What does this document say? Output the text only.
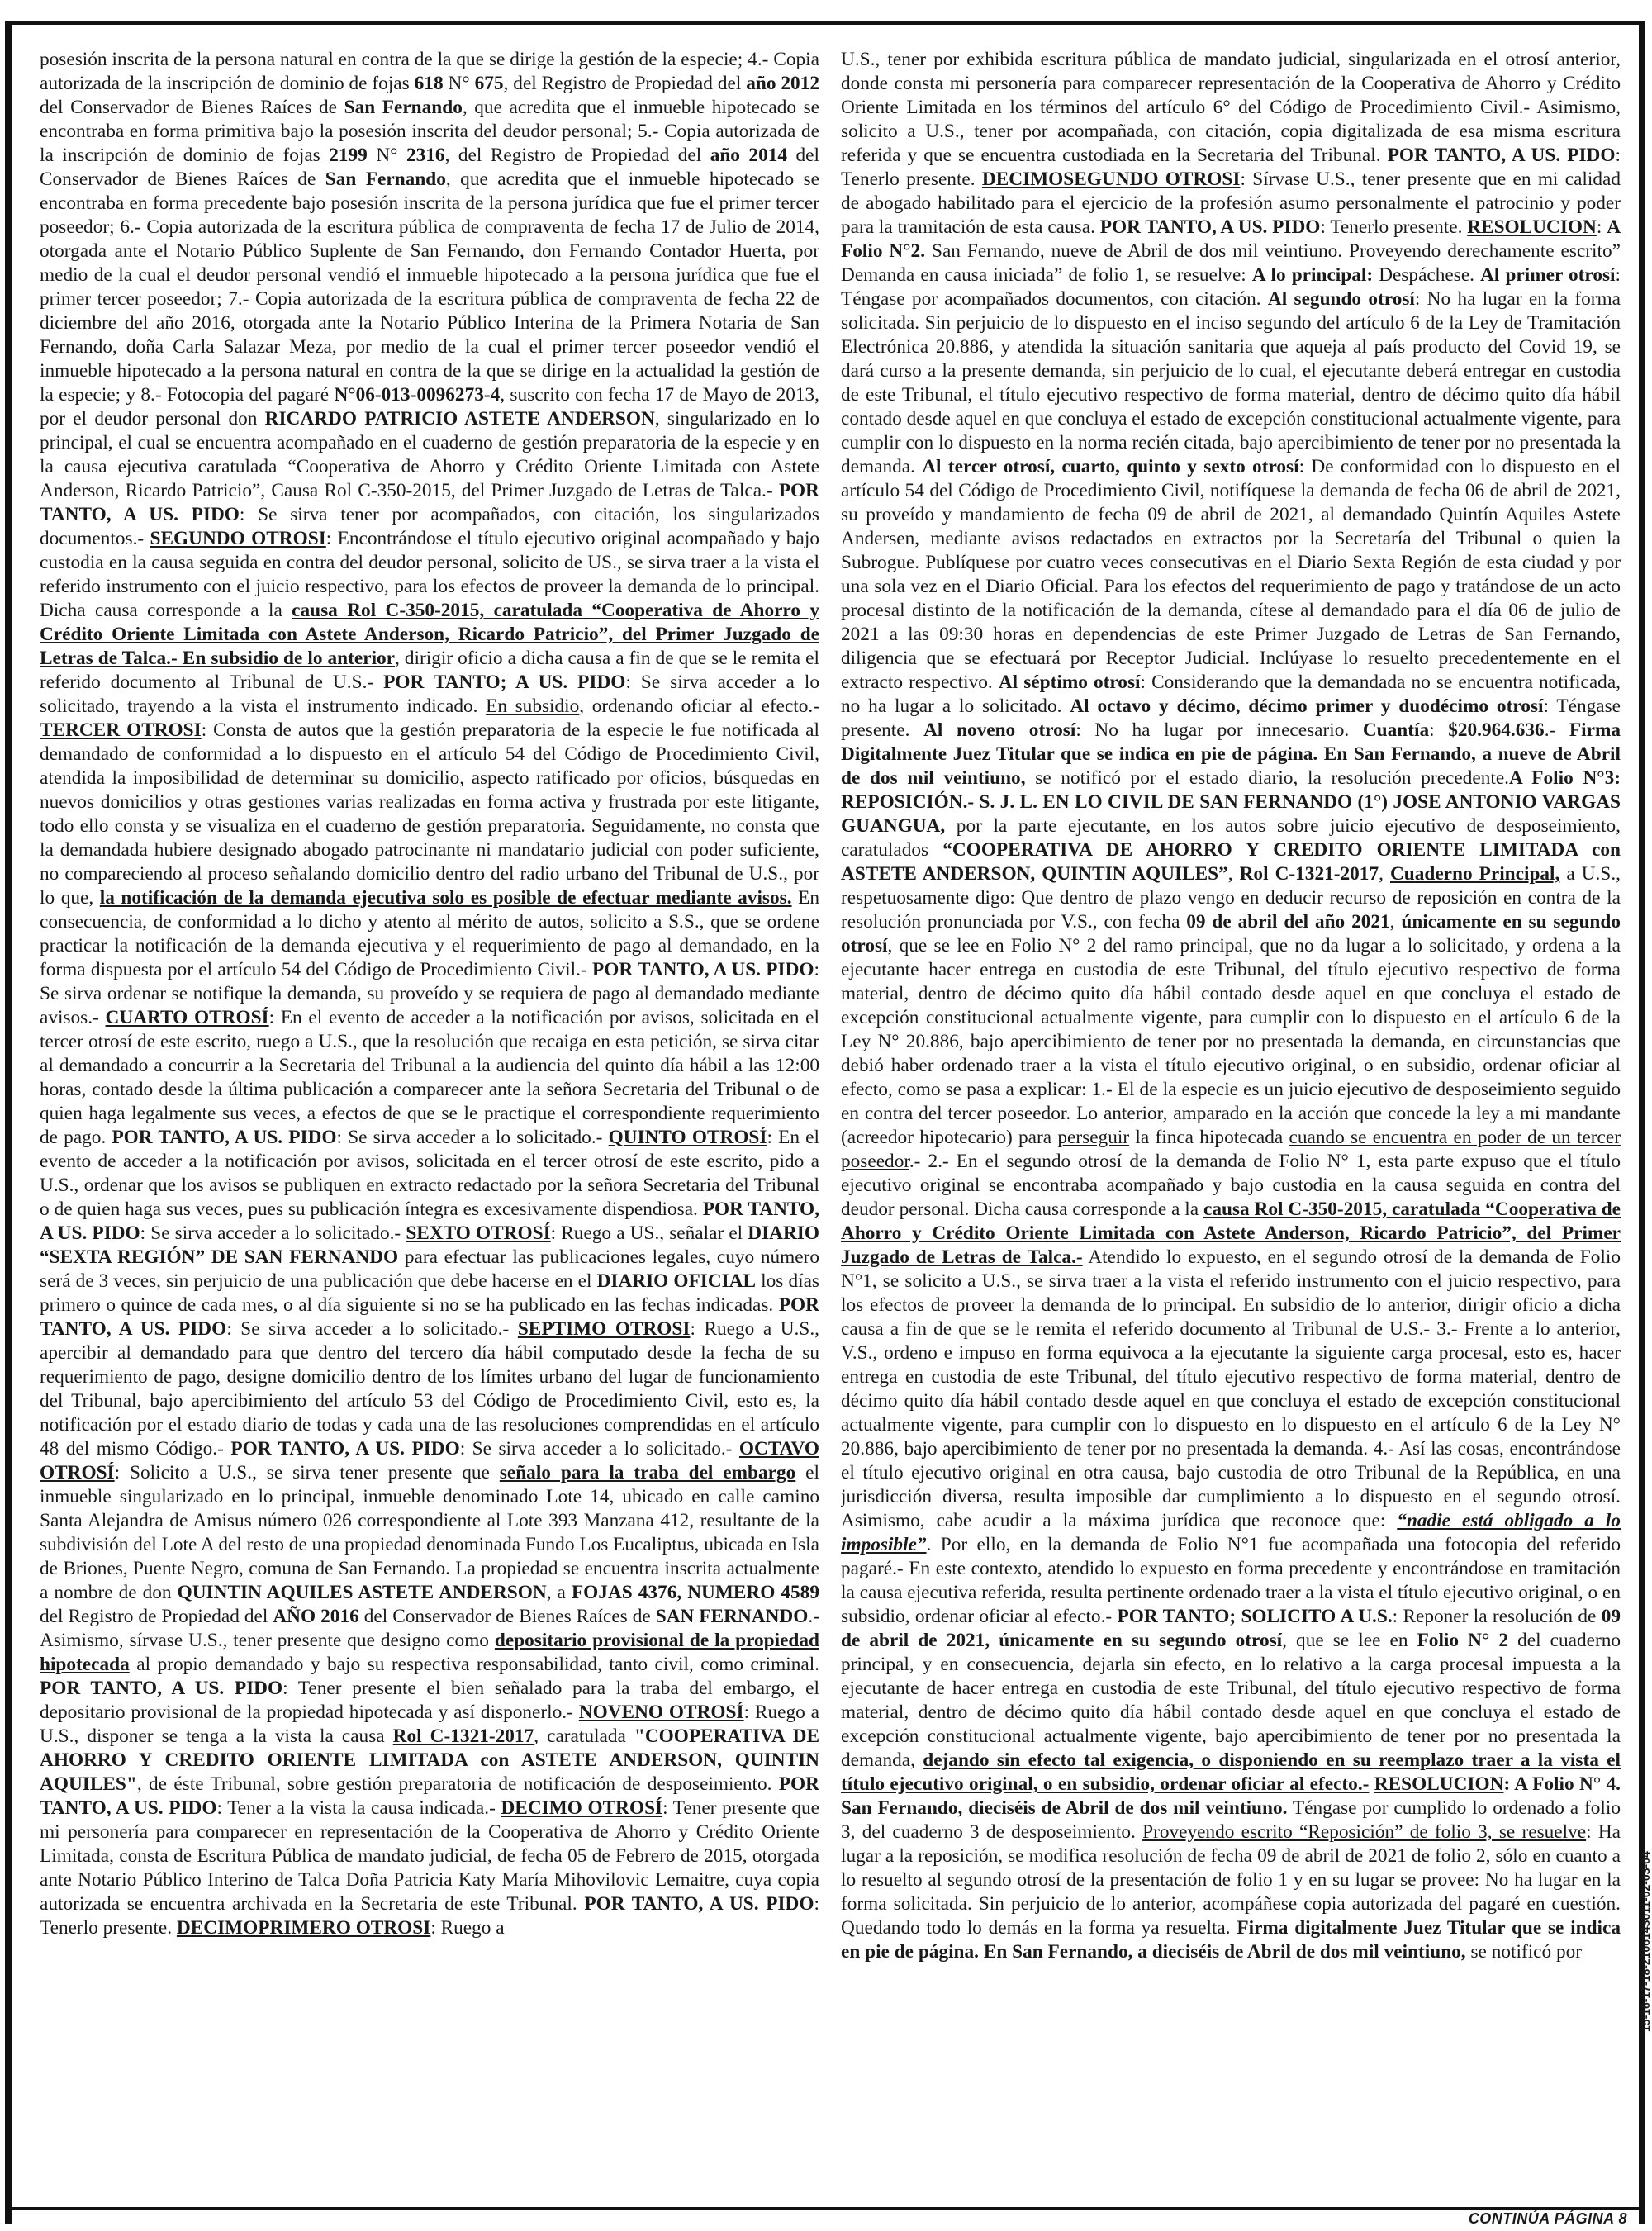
posesión inscrita de la persona natural en contra de la que se dirige la gestión de la especie; 4.- Copia autorizada de la inscripción de dominio de fojas 618 N° 675, del Registro de Propiedad del año 2012 del Conservador de Bienes Raíces de San Fernando, que acredita que el inmueble hipotecado se encontraba en forma primitiva bajo la posesión inscrita del deudor personal; 5.- Copia autorizada de la inscripción de dominio de fojas 2199 N° 2316, del Registro de Propiedad del año 2014 del Conservador de Bienes Raíces de San Fernando, que acredita que el inmueble hipotecado se encontraba en forma precedente bajo posesión inscrita de la persona jurídica que fue el primer tercer poseedor; 6.- Copia autorizada de la escritura pública de compraventa de fecha 17 de Julio de 2014, otorgada ante el Notario Público Suplente de San Fernando, don Fernando Contador Huerta, por medio de la cual el deudor personal vendió el inmueble hipotecado a la persona jurídica que fue el primer tercer poseedor; 7.- Copia autorizada de la escritura pública de compraventa de fecha 22 de diciembre del año 2016, otorgada ante la Notario Público Interina de la Primera Notaria de San Fernando, doña Carla Salazar Meza, por medio de la cual el primer tercer poseedor vendió el inmueble hipotecado a la persona natural en contra de la que se dirige en la actualidad la gestión de la especie; y 8.- Fotocopia del pagaré N°06-013-0096273-4, suscrito con fecha 17 de Mayo de 2013, por el deudor personal don RICARDO PATRICIO ASTETE ANDERSON, singularizado en lo principal, el cual se encuentra acompañado en el cuaderno de gestión preparatoria de la especie y en la causa ejecutiva caratulada “Cooperativa de Ahorro y Crédito Oriente Limitada con Astete Anderson, Ricardo Patricio”, Causa Rol C-350-2015, del Primer Juzgado de Letras de Talca.- POR TANTO, A US. PIDO: Se sirva tener por acompañados, con citación, los singularizados documentos.- SEGUNDO OTROSI: Encontrándose el título ejecutivo original acompañado y bajo custodia en la causa seguida en contra del deudor personal, solicito de US., se sirva traer a la vista el referido instrumento con el juicio respectivo, para los efectos de proveer la demanda de lo principal. Dicha causa corresponde a la causa Rol C-350-2015, caratulada “Cooperativa de Ahorro y Crédito Oriente Limitada con Astete Anderson, Ricardo Patricio”, del Primer Juzgado de Letras de Talca.- En subsidio de lo anterior, dirigir oficio a dicha causa a fin de que se le remita el referido documento al Tribunal de U.S.- POR TANTO; A US. PIDO: Se sirva acceder a lo solicitado, trayendo a la vista el instrumento indicado. En subsidio, ordenando oficiar al efecto.- TERCER OTROSI: Consta de autos que la gestión preparatoria de la especie le fue notificada al demandado de conformidad a lo dispuesto en el artículo 54 del Código de Procedimiento Civil, atendida la imposibilidad de determinar su domicilio, aspecto ratificado por oficios, búsquedas en nuevos domicilios y otras gestiones varias realizadas en forma activa y frustrada por este litigante, todo ello consta y se visualiza en el cuaderno de gestión preparatoria. Seguidamente, no consta que la demandada hubiere designado abogado patrocinante ni mandatario judicial con poder suficiente, no compareciendo al proceso señalando domicilio dentro del radio urbano del Tribunal de U.S., por lo que, la notificación de la demanda ejecutiva solo es posible de efectuar mediante avisos. En consecuencia, de conformidad a lo dicho y atento al mérito de autos, solicito a S.S., que se ordene practicar la notificación de la demanda ejecutiva y el requerimiento de pago al demandado, en la forma dispuesta por el artículo 54 del Código de Procedimiento Civil.- POR TANTO, A US. PIDO: Se sirva ordenar se notifique la demanda, su proveído y se requiera de pago al demandado mediante avisos.- CUARTO OTROSÍ: En el evento de acceder a la notificación por avisos, solicitada en el tercer otrosí de este escrito, ruego a U.S., que la resolución que recaiga en esta petición, se sirva citar al demandado a concurrir a la Secretaria del Tribunal a la audiencia del quinto día hábil a las 12:00 horas, contado desde la última publicación a comparecer ante la señora Secretaria del Tribunal o de quien haga legalmente sus veces, a efectos de que se le practique el correspondiente requerimiento de pago. POR TANTO, A US. PIDO: Se sirva acceder a lo solicitado.- QUINTO OTROSÍ: En el evento de acceder a la notificación por avisos, solicitada en el tercer otrosí de este escrito, pido a U.S., ordenar que los avisos se publiquen en extracto redactado por la señora Secretaria del Tribunal o de quien haga sus veces, pues su publicación íntegra es excesivamente dispendiosa. POR TANTO, A US. PIDO: Se sirva acceder a lo solicitado.- SEXTO OTROSÍ: Ruego a US., señalar el DIARIO “SEXTA REGIÓN” DE SAN FERNANDO para efectuar las publicaciones legales, cuyo número será de 3 veces, sin perjuicio de una publicación que debe hacerse en el DIARIO OFICIAL los días primero o quince de cada mes, o al día siguiente si no se ha publicado en las fechas indicadas. POR TANTO, A US. PIDO: Se sirva acceder a lo solicitado.- SEPTIMO OTROSI: Ruego a U.S., apercibir al demandado para que dentro del tercero día hábil computado desde la fecha de su requerimiento de pago, designe domicilio dentro de los límites urbano del lugar de funcionamiento del Tribunal, bajo apercibimiento del artículo 53 del Código de Procedimiento Civil, esto es, la notificación por el estado diario de todas y cada una de las resoluciones comprendidas en el artículo 48 del mismo Código.- POR TANTO, A US. PIDO: Se sirva acceder a lo solicitado.- OCTAVO OTROSÍ: Solicito a U.S., se sirva tener presente que señalo para la traba del embargo el inmueble singularizado en lo principal, inmueble denominado Lote 14, ubicado en calle camino Santa Alejandra de Amisus número 026 correspondiente al Lote 393 Manzana 412, resultante de la subdivisión del Lote A del resto de una propiedad denominada Fundo Los Eucaliptus, ubicada en Isla de Briones, Puente Negro, comuna de San Fernando. La propiedad se encuentra inscrita actualmente a nombre de don QUINTIN AQUILES ASTETE ANDERSON, a FOJAS 4376, NUMERO 4589 del Registro de Propiedad del AÑO 2016 del Conservador de Bienes Raíces de SAN FERNANDO.- Asimismo, sírvase U.S., tener presente que designo como depositario provisional de la propiedad hipotecada al propio demandado y bajo su respectiva responsabilidad, tanto civil, como criminal. POR TANTO, A US. PIDO: Tener presente el bien señalado para la traba del embargo, el depositario provisional de la propiedad hipotecada y así disponerlo.- NOVENO OTROSÍ: Ruego a U.S., disponer se tenga a la vista la causa Rol C-1321-2017, caratulada "COOPERATIVA DE AHORRO Y CREDITO ORIENTE LIMITADA con ASTETE ANDERSON, QUINTIN AQUILES", de éste Tribunal, sobre gestión preparatoria de notificación de desposeimiento. POR TANTO, A US. PIDO: Tener a la vista la causa indicada.- DECIMO OTROSÍ: Tener presente que mi personería para comparecer en representación de la Cooperativa de Ahorro y Crédito Oriente Limitada, consta de Escritura Pública de mandato judicial, de fecha 05 de Febrero de 2015, otorgada ante Notario Público Interino de Talca Doña Patricia Katy María Mihovilovic Lemaitre, cuya copia autorizada se encuentra archivada en la Secretaria de este Tribunal. POR TANTO, A US. PIDO: Tenerlo presente. DECIMOPRIMERO OTROSI: Ruego a

U.S., tener por exhibida escritura pública de mandato judicial, singularizada en el otrosí anterior, donde consta mi personería para comparecer representación de la Cooperativa de Ahorro y Crédito Oriente Limitada en los términos del artículo 6° del Código de Procedimiento Civil.- Asimismo, solicito a U.S., tener por acompañada, con citación, copia digitalizada de esa misma escritura referida y que se encuentra custodiada en la Secretaria del Tribunal. POR TANTO, A US. PIDO: Tenerlo presente. DECIMOSEGUNDO OTROSI: Sírvase U.S., tener presente que en mi calidad de abogado habilitado para el ejercicio de la profesión asumo personalmente el patrocinio y poder para la tramitación de esta causa. POR TANTO, A US. PIDO: Tenerlo presente. RESOLUCION: A Folio N°2. San Fernando, nueve de Abril de dos mil veintiuno. Proveyendo derechamente escrito” Demanda en causa iniciada” de folio 1, se resuelve: A lo principal: Despáchese. Al primer otrosí: Téngase por acompañados documentos, con citación. Al segundo otrosí: No ha lugar en la forma solicitada. Sin perjuicio de lo dispuesto en el inciso segundo del artículo 6 de la Ley de Tramitación Electrónica 20.886, y atendida la situación sanitaria que aqueja al país producto del Covid 19, se dará curso a la presente demanda, sin perjuicio de lo cual, el ejecutante deberá entregar en custodia de este Tribunal, el título ejecutivo respectivo de forma material, dentro de décimo quito día hábil contado desde aquel en que concluya el estado de excepción constitucional actualmente vigente, para cumplir con lo dispuesto en la norma recién citada, bajo apercibimiento de tener por no presentada la demanda. Al tercer otrosí, cuarto, quinto y sexto otrosí: De conformidad con lo dispuesto en el artículo 54 del Código de Procedimiento Civil, notifíquese la demanda de fecha 06 de abril de 2021, su proveído y mandamiento de fecha 09 de abril de 2021, al demandado Quintín Aquiles Astete Andersen, mediante avisos redactados en extractos por la Secretaría del Tribunal o quien la Subrogue. Publíquese por cuatro veces consecutivas en el Diario Sexta Región de esta ciudad y por una sola vez en el Diario Oficial. Para los efectos del requerimiento de pago y tratándose de un acto procesal distinto de la notificación de la demanda, cítese al demandado para el día 06 de julio de 2021 a las 09:30 horas en dependencias de este Primer Juzgado de Letras de San Fernando, diligencia que se efectuará por Receptor Judicial. Inclúyase lo resuelto precedentemente en el extracto respectivo. Al séptimo otrosí: Considerando que la demandada no se encuentra notificada, no ha lugar a lo solicitado. Al octavo y décimo, décimo primer y duodécimo otrosí: Téngase presente. Al noveno otrosí: No ha lugar por innecesario. Cuantía: $20.964.636.- Firma Digitalmente Juez Titular que se indica en pie de página. En San Fernando, a nueve de Abril de dos mil veintiuno, se notificó por el estado diario, la resolución precedente.A Folio N°3: REPOSICIÓN.- S. J. L. EN LO CIVIL DE SAN FERNANDO (1°) JOSE ANTONIO VARGAS GUANGUA, por la parte ejecutante, en los autos sobre juicio ejecutivo de desposeimiento, caratulados “COOPERATIVA DE AHORRO Y CREDITO ORIENTE LIMITADA con ASTETE ANDERSON, QUINTIN AQUILES”, Rol C-1321-2017, Cuaderno Principal, a U.S., respetuosamente digo: Que dentro de plazo vengo en deducir recurso de reposición en contra de la resolución pronunciada por V.S., con fecha 09 de abril del año 2021, únicamente en su segundo otrosí, que se lee en Folio N° 2 del ramo principal, que no da lugar a lo solicitado, y ordena a la ejecutante hacer entrega en custodia de este Tribunal, del título ejecutivo respectivo de forma material, dentro de décimo quito día hábil contado desde aquel en que concluya el estado de excepción constitucional actualmente vigente, para cumplir con lo dispuesto en el artículo 6 de la Ley N° 20.886, bajo apercibimiento de tener por no presentada la demanda, en circunstancias que debió haber ordenado traer a la vista el título ejecutivo original, o en subsidio, ordenar oficiar al efecto, como se pasa a explicar: 1.- El de la especie es un juicio ejecutivo de desposeimiento seguido en contra del tercer poseedor. Lo anterior, amparado en la acción que concede la ley a mi mandante (acreedor hipotecario) para perseguir la finca hipotecada cuando se encuentra en poder de un tercer poseedor.- 2.- En el segundo otrosí de la demanda de Folio N° 1, esta parte expuso que el título ejecutivo original se encontraba acompañado y bajo custodia en la causa seguida en contra del deudor personal. Dicha causa corresponde a la causa Rol C-350-2015, caratulada “Cooperativa de Ahorro y Crédito Oriente Limitada con Astete Anderson, Ricardo Patricio”, del Primer Juzgado de Letras de Talca.- Atendido lo expuesto, en el segundo otrosí de la demanda de Folio N°1, se solicito a U.S., se sirva traer a la vista el referido instrumento con el juicio respectivo, para los efectos de proveer la demanda de lo principal. En subsidio de lo anterior, dirigir oficio a dicha causa a fin de que se le remita el referido documento al Tribunal de U.S.- 3.- Frente a lo anterior, V.S., ordeno e impuso en forma equivoca a la ejecutante la siguiente carga procesal, esto es, hacer entrega en custodia de este Tribunal, del título ejecutivo respectivo de forma material, dentro de décimo quito día hábil contado desde aquel en que concluya el estado de excepción constitucional actualmente vigente, para cumplir con lo dispuesto en lo dispuesto en el artículo 6 de la Ley N° 20.886, bajo apercibimiento de tener por no presentada la demanda. 4.- Así las cosas, encontrándose el título ejecutivo original en otra causa, bajo custodia de otro Tribunal de la República, en una jurisdicción diversa, resulta imposible dar cumplimiento a lo dispuesto en el segundo otrosí. Asimismo, cabe acudir a la máxima jurídica que reconoce que: “nadie está obligado a lo imposible”. Por ello, en la demanda de Folio N°1 fue acompañada una fotocopia del referido pagaré.- En este contexto, atendido lo expuesto en forma precedente y encontrándose en tramitación la causa ejecutiva referida, resulta pertinente ordenado traer a la vista el título ejecutivo original, o en subsidio, ordenar oficiar al efecto.- POR TANTO; SOLICITO A U.S.: Reponer la resolución de 09 de abril de 2021, únicamente en su segundo otrosí, que se lee en Folio N° 2 del cuaderno principal, y en consecuencia, dejarla sin efecto, en lo relativo a la carga procesal impuesta a la ejecutante de hacer entrega en custodia de este Tribunal, del título ejecutivo respectivo de forma material, dentro de décimo quito día hábil contado desde aquel en que concluya el estado de excepción constitucional actualmente vigente, bajo apercibimiento de tener por no presentada la demanda, dejando sin efecto tal exigencia, o disponiendo en su reemplazo traer a la vista el título ejecutivo original, o en subsidio, ordenar oficiar al efecto.- RESOLUCION: A Folio N° 4. San Fernando, dieciséis de Abril de dos mil veintiuno. Téngase por cumplido lo ordenado a folio 3, del cuaderno 3 de desposeimiento. Proveyendo escrito “Reposición” de folio 3, se resuelve: Ha lugar a la reposición, se modifica resolución de fecha 09 de abril de 2021 de folio 2, sólo en cuanto a lo resuelto al segundo otrosí de la presentación de folio 1 y en su lugar se provee: No ha lugar en la forma solicitada. Sin perjuicio de lo anterior, acompáñese copia autorizada del pagaré en cuestión. Quedando todo lo demás en la forma ya resuelta. Firma digitalmente Juez Titular que se indica en pie de página. En San Fernando, a dieciséis de Abril de dos mil veintiuno, se notificó por	15-16-17-18-2106143011-02-03-04
CONTINÚA PÁGINA 8
